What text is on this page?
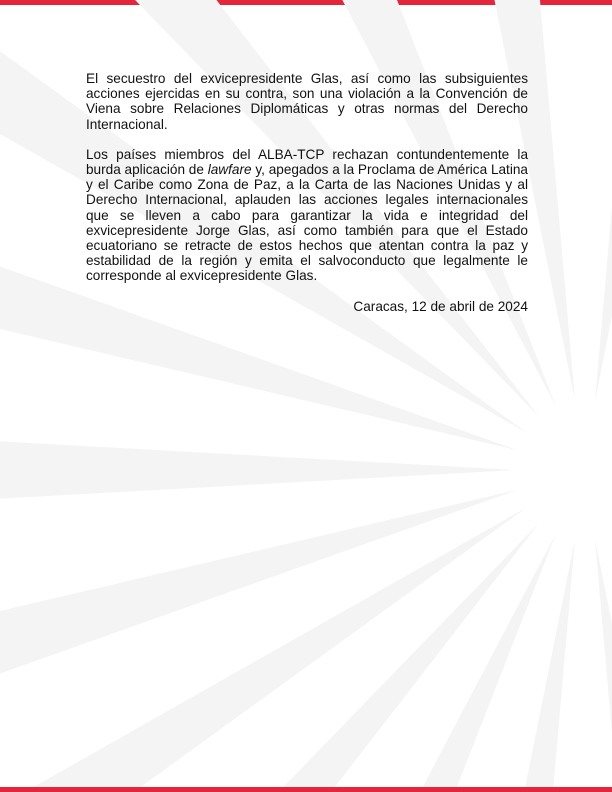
El secuestro del exvicepresidente Glas, así como las subsiguientes acciones ejercidas en su contra, son una violación a la Convención de Viena sobre Relaciones Diplomáticas y otras normas del Derecho Internacional.

Los países miembros del ALBA-TCP rechazan contundentemente la burda aplicación de lawfare y, apegados a la Proclama de América Latina y el Caribe como Zona de Paz, a la Carta de las Naciones Unidas y al Derecho Internacional, aplauden las acciones legales internacionales que se lleven a cabo para garantizar la vida e integridad del exvicepresidente Jorge Glas, así como también para que el Estado ecuatoriano se retracte de estos hechos que atentan contra la paz y estabilidad de la región y emita el salvoconducto que legalmente le corresponde al exvicepresidente Glas.

Caracas, 12 de abril de 2024
